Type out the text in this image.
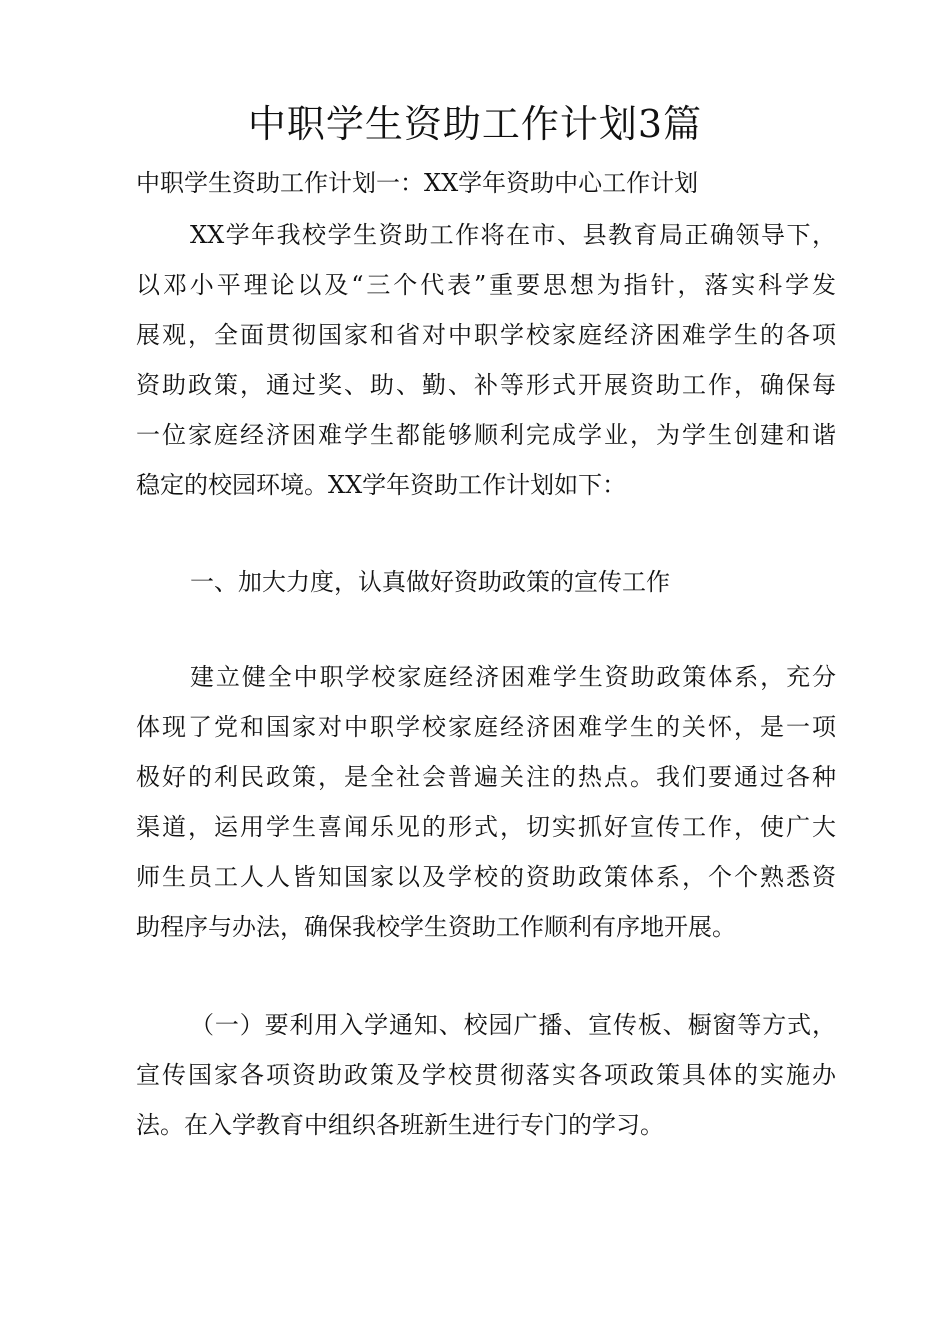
中职学生资助工作计划3篇
中职学生资助工作计划一：XX学年资助中心工作计划
XX学年我校学生资助工作将在市、县教育局正确领导下，
以邓小平理论以及“三个代表”重要思想为指针，落实科学发
展观，全面贯彻国家和省对中职学校家庭经济困难学生的各项
资助政策，通过奖、助、勤、补等形式开展资助工作，确保每
一位家庭经济困难学生都能够顺利完成学业，为学生创建和谐
稳定的校园环境。XX学年资助工作计划如下：
一、加大力度，认真做好资助政策的宣传工作
建立健全中职学校家庭经济困难学生资助政策体系，充分
体现了党和国家对中职学校家庭经济困难学生的关怀，是一项
极好的利民政策，是全社会普遍关注的热点。我们要通过各种
渠道，运用学生喜闻乐见的形式，切实抓好宣传工作，使广大
师生员工人人皆知国家以及学校的资助政策体系，个个熟悉资
助程序与办法，确保我校学生资助工作顺利有序地开展。
（一）要利用入学通知、校园广播、宣传板、橱窗等方式，
宣传国家各项资助政策及学校贯彻落实各项政策具体的实施办
法。在入学教育中组织各班新生进行专门的学习。
